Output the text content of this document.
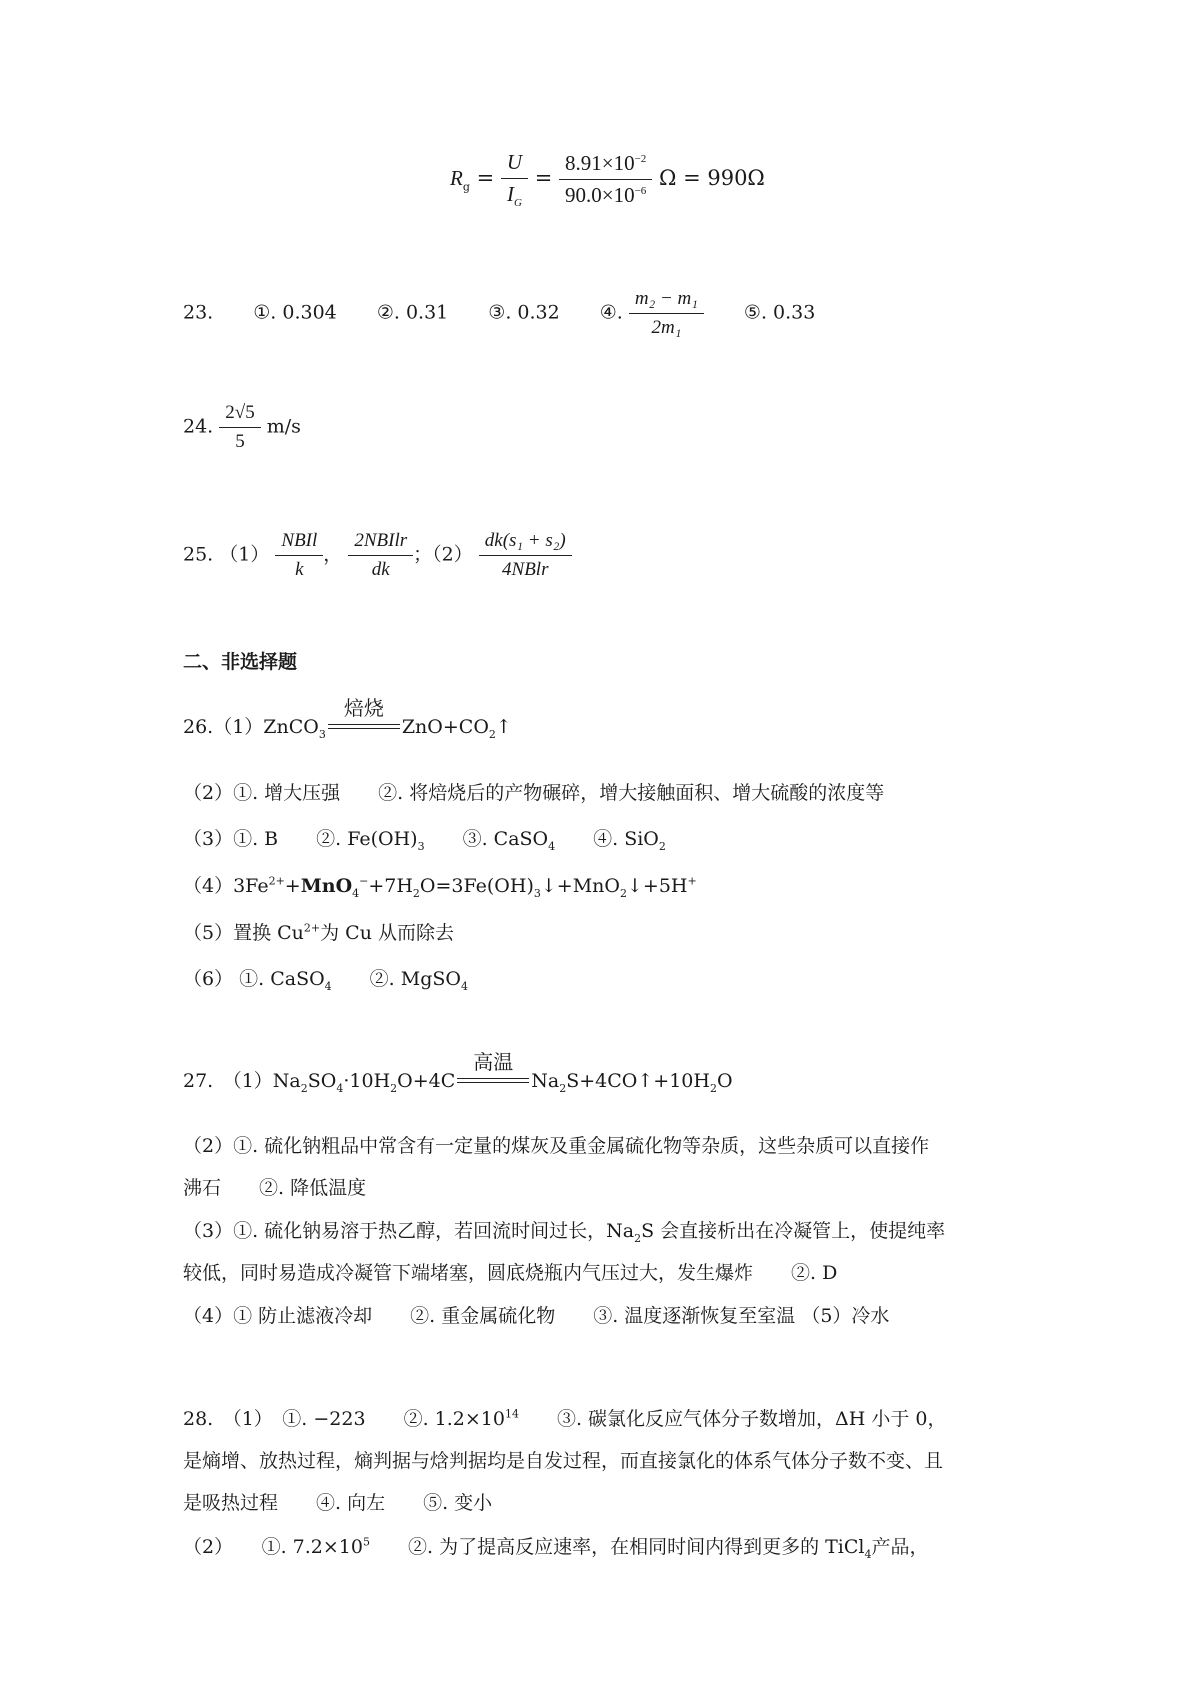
$R_g = \frac{U}{I_G} = \frac{8.91\times 10^{-2}}{90.0\times 10^{-6}}$ Ω = 990Ω
23. ①. 0.304 ②. 0.31 ③. 0.32 ④. $\frac{\text{m₂ − m₁}}{\text{2m₁}}$ ⑤. 0.33
24. $\frac{2√5}{5} m/s$
25. $(1) \frac{\text{NBIl}}{k}$ ， $\frac{\text{2NBIlr}}{dk}$ ；$(2) \frac{\text{dk(s₁ + s₂)}}{\text{4NBlr}}$
二、非选择题
26.（1）ZnCO$_3$
焙烧
$ZnO+CO_2↑$
（2）①. 增大压强　　②. 将焙烧后的产物碾碎，增大接触面积、增大硫酸的浓度等
（3）①. B　　②. $Fe(OH)_3$　　③. CaSO$_4$　　④. SiO$_2$
$(4)3Fe^{2+}+MnO_4^-+7H_2O=3Fe(OH)_3↓+MnO_2↓+5H^+$
（5）置换 $Cu^{2+}$为 Cu 从而除去
（6） ①. CaSO$_4$　　②. MgSO$_4$
27.　$(1)Na_2SO_4\cdot 10H_2O+4C$
高温
$Na_2S+4CO↑+10H_2O$
（2）①. 硫化钠粗品中常含有一定量的煤灰及重金属硫化物等杂质，这些杂质可以直接作
沸石　　②. 降低温度
（3）①. 硫化钠易溶于热乙醇，若回流时间过长，$Na_2S$ 会直接析出在冷凝管上，使提纯率
较低，同时易造成冷凝管下端堵塞，圆底烧瓶内气压过大，发生爆炸　　②. D
（4）① 防止滤液冷却　　②. 重金属硫化物　　③. 温度逐渐恢复至室温 （5）冷水
28.　（1）　①. −223　　②. $1.2\times 10^{14}$　　③. 碳氯化反应气体分子数增加，ΔH 小于 0，
是熵增、放热过程，熵判据与焓判据均是自发过程，而直接氯化的体系气体分子数不变、且
是吸热过程　　④. 向左　　⑤. 变小
（2）　　①. $7.2\times 10^5$　　②. 为了提高反应速率，在相同时间内得到更多的 TiCl$_4$产品，
